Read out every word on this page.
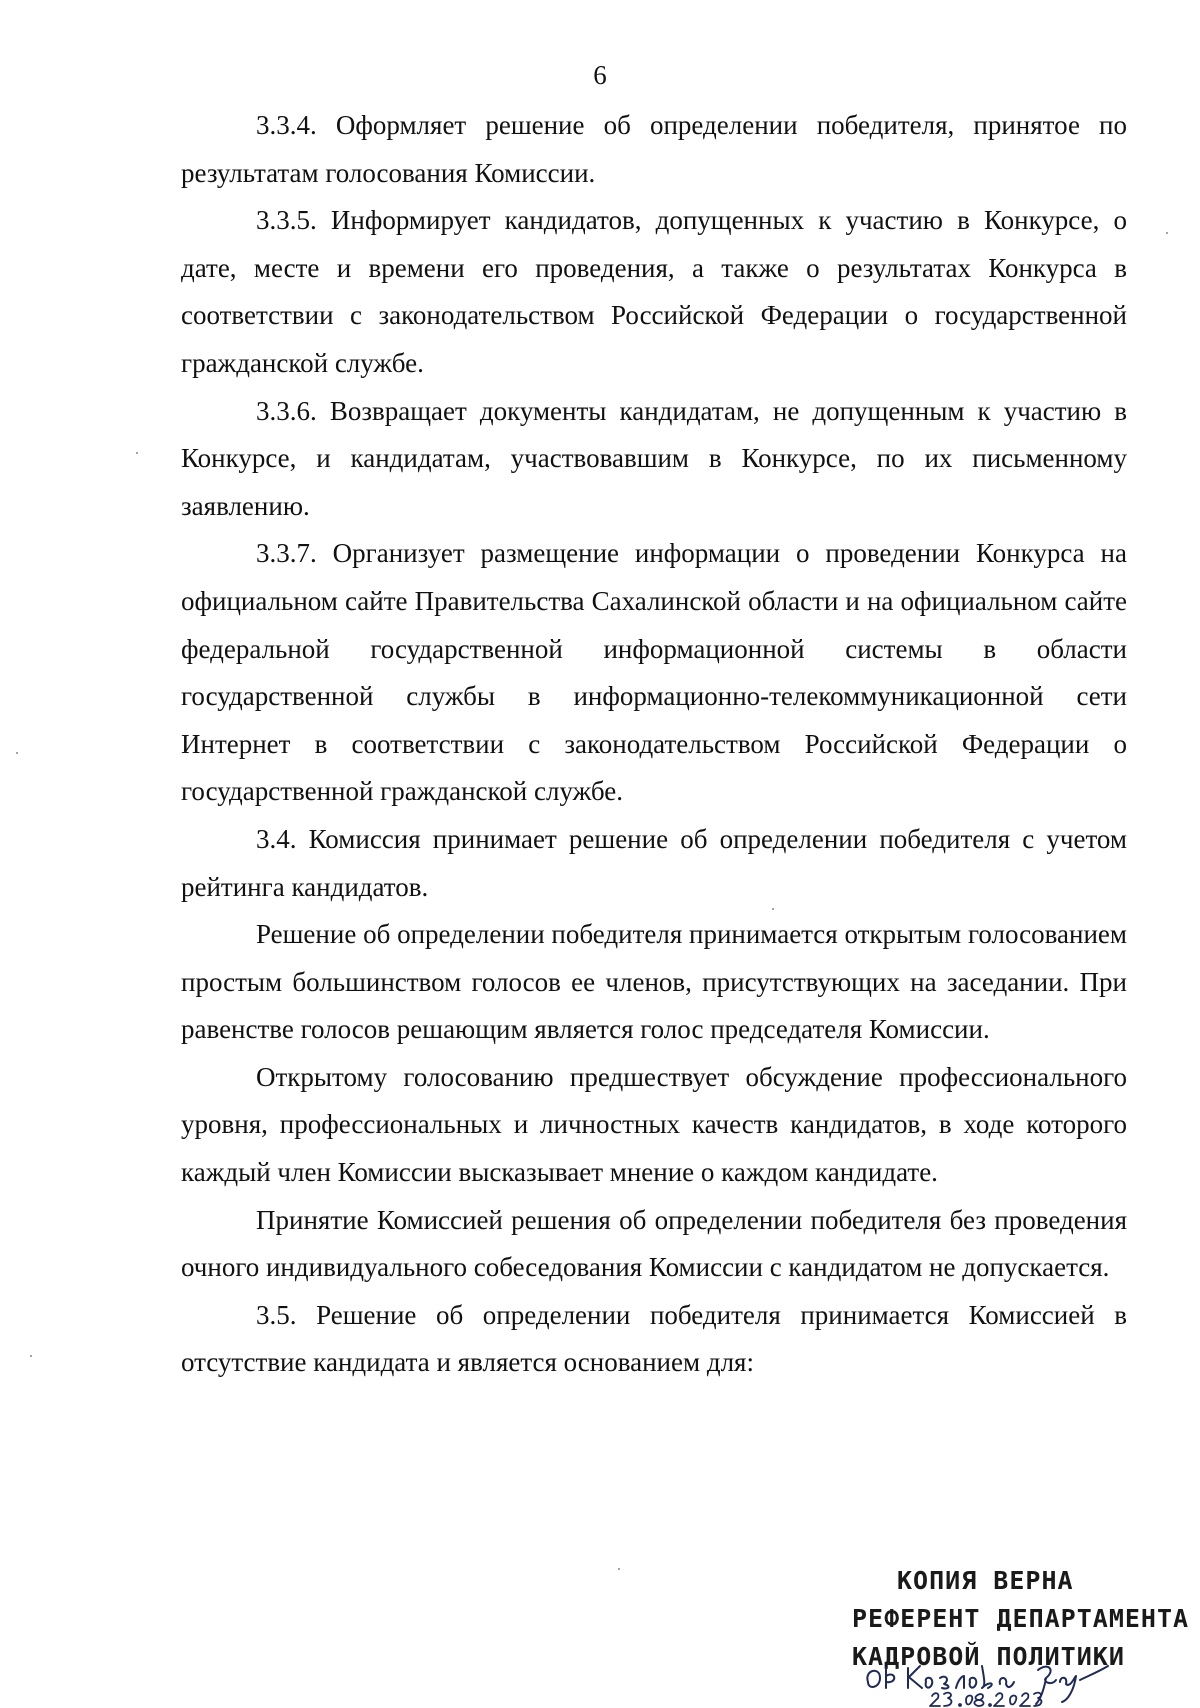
6

3.3.4. Оформляет решение об определении победителя, принятое по результатам голосования Комиссии.

3.3.5. Информирует кандидатов, допущенных к участию в Конкурсе, о дате, месте и времени его проведения, а также о результатах Конкурса в соответствии с законодательством Российской Федерации о государственной гражданской службе.

3.3.6. Возвращает документы кандидатам, не допущенным к участию в Конкурсе, и кандидатам, участвовавшим в Конкурсе, по их письменному заявлению.

3.3.7. Организует размещение информации о проведении Конкурса на официальном сайте Правительства Сахалинской области и на официальном сайте федеральной государственной информационной системы в области государственной службы в информационно-телекоммуникационной сети Интернет в соответствии с законодательством Российской Федерации о государственной гражданской службе.

3.4. Комиссия принимает решение об определении победителя с учетом рейтинга кандидатов.

Решение об определении победителя принимается открытым голосованием простым большинством голосов ее членов, присутствующих на заседании. При равенстве голосов решающим является голос председателя Комиссии.

Открытому голосованию предшествует обсуждение профессионального уровня, профессиональных и личностных качеств кандидатов, в ходе которого каждый член Комиссии высказывает мнение о каждом кандидате.

Принятие Комиссией решения об определении победителя без проведения очного индивидуального собеседования Комиссии с кандидатом не допускается.

3.5. Решение об определении победителя принимается Комиссией в отсутствие кандидата и является основанием для:

КОПИЯ ВЕРНА
РЕФЕРЕНТ ДЕПАРТАМЕНТА
КАДРОВОЙ ПОЛИТИКИ
